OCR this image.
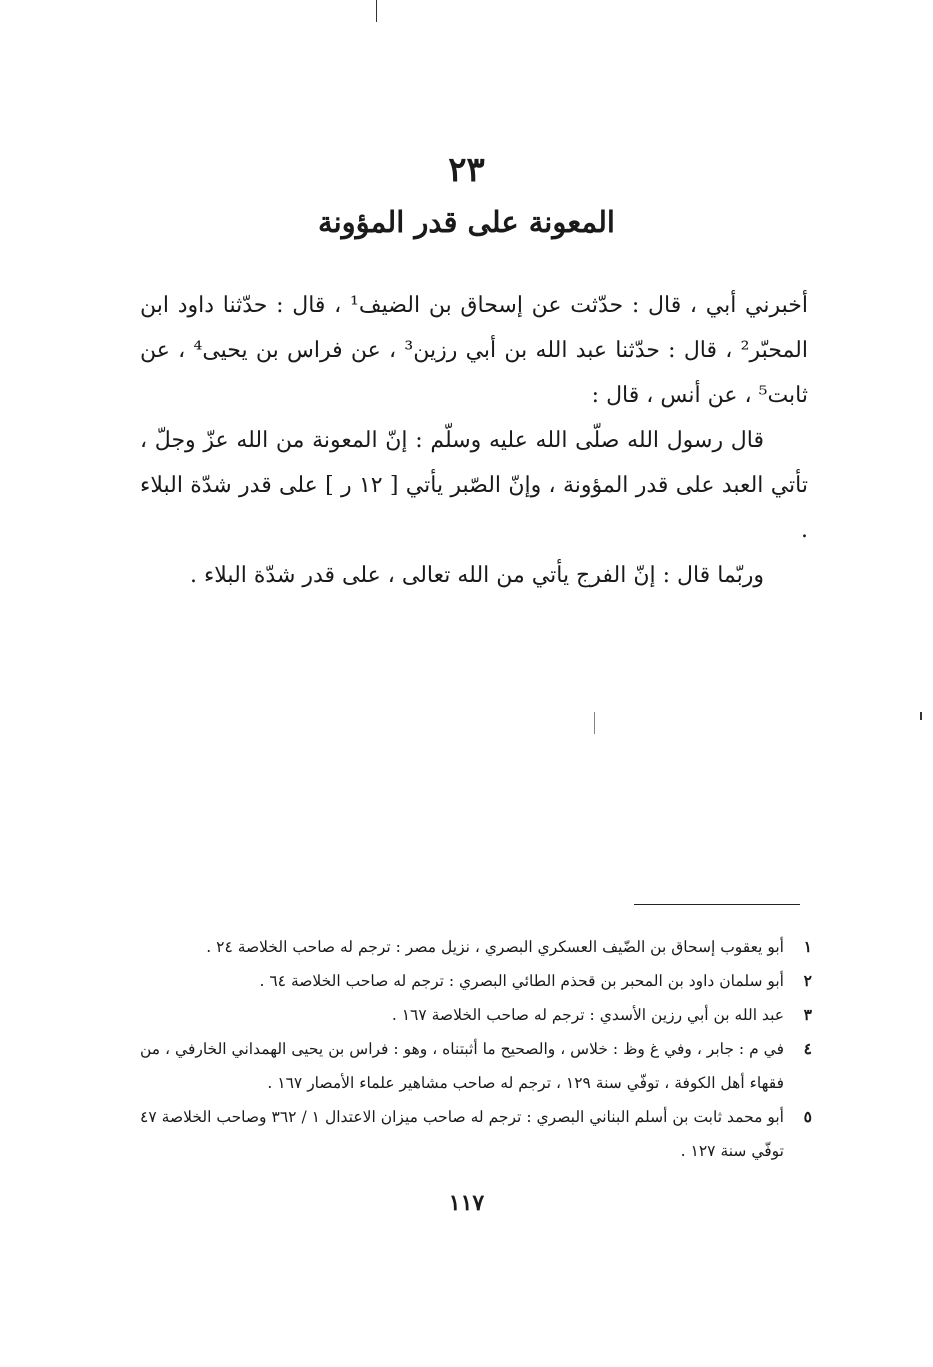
٢٣
المعونة على قدر المؤونة

أخبرني أبي ، قال : حدّثت عن إسحاق بن الضيف¹ ، قال : حدّثنا داود ابن المحبّر² ، قال : حدّثنا عبد الله بن أبي رزين³ ، عن فراس بن يحيى⁴ ، عن ثابت⁵ ، عن أنس ، قال :

قال رسول الله صلّى الله عليه وسلّم : إنّ المعونة من الله عزّ وجلّ ، تأتي العبد على قدر المؤونة ، وإنّ الصّبر يأتي [ ١٢ ر ] على قدر شدّة البلاء .

وربّما قال : إنّ الفرج يأتي من الله تعالى ، على قدر شدّة البلاء .

١
أبو يعقوب إسحاق بن الضّيف العسكري البصري ، نزيل مصر : ترجم له صاحب الخلاصة ٢٤ .
٢
أبو سلمان داود بن المحبر بن قحذم الطائي البصري : ترجم له صاحب الخلاصة ٦٤ .
٣
عبد الله بن أبي رزين الأسدي : ترجم له صاحب الخلاصة ١٦٧ .
٤
في م : جابر ، وفي غ وظ : خلاس ، والصحيح ما أثبتناه ، وهو : فراس بن يحيى الهمداني الخارفي ، من فقهاء أهل الكوفة ، توفّي سنة ١٢٩ ، ترجم له صاحب مشاهير علماء الأمصار ١٦٧ .
٥
أبو محمد ثابت بن أسلم البناني البصري : ترجم له صاحب ميزان الاعتدال ١ / ٣٦٢ وصاحب الخلاصة ٤٧ توفّي سنة ١٢٧ .
١١٧
